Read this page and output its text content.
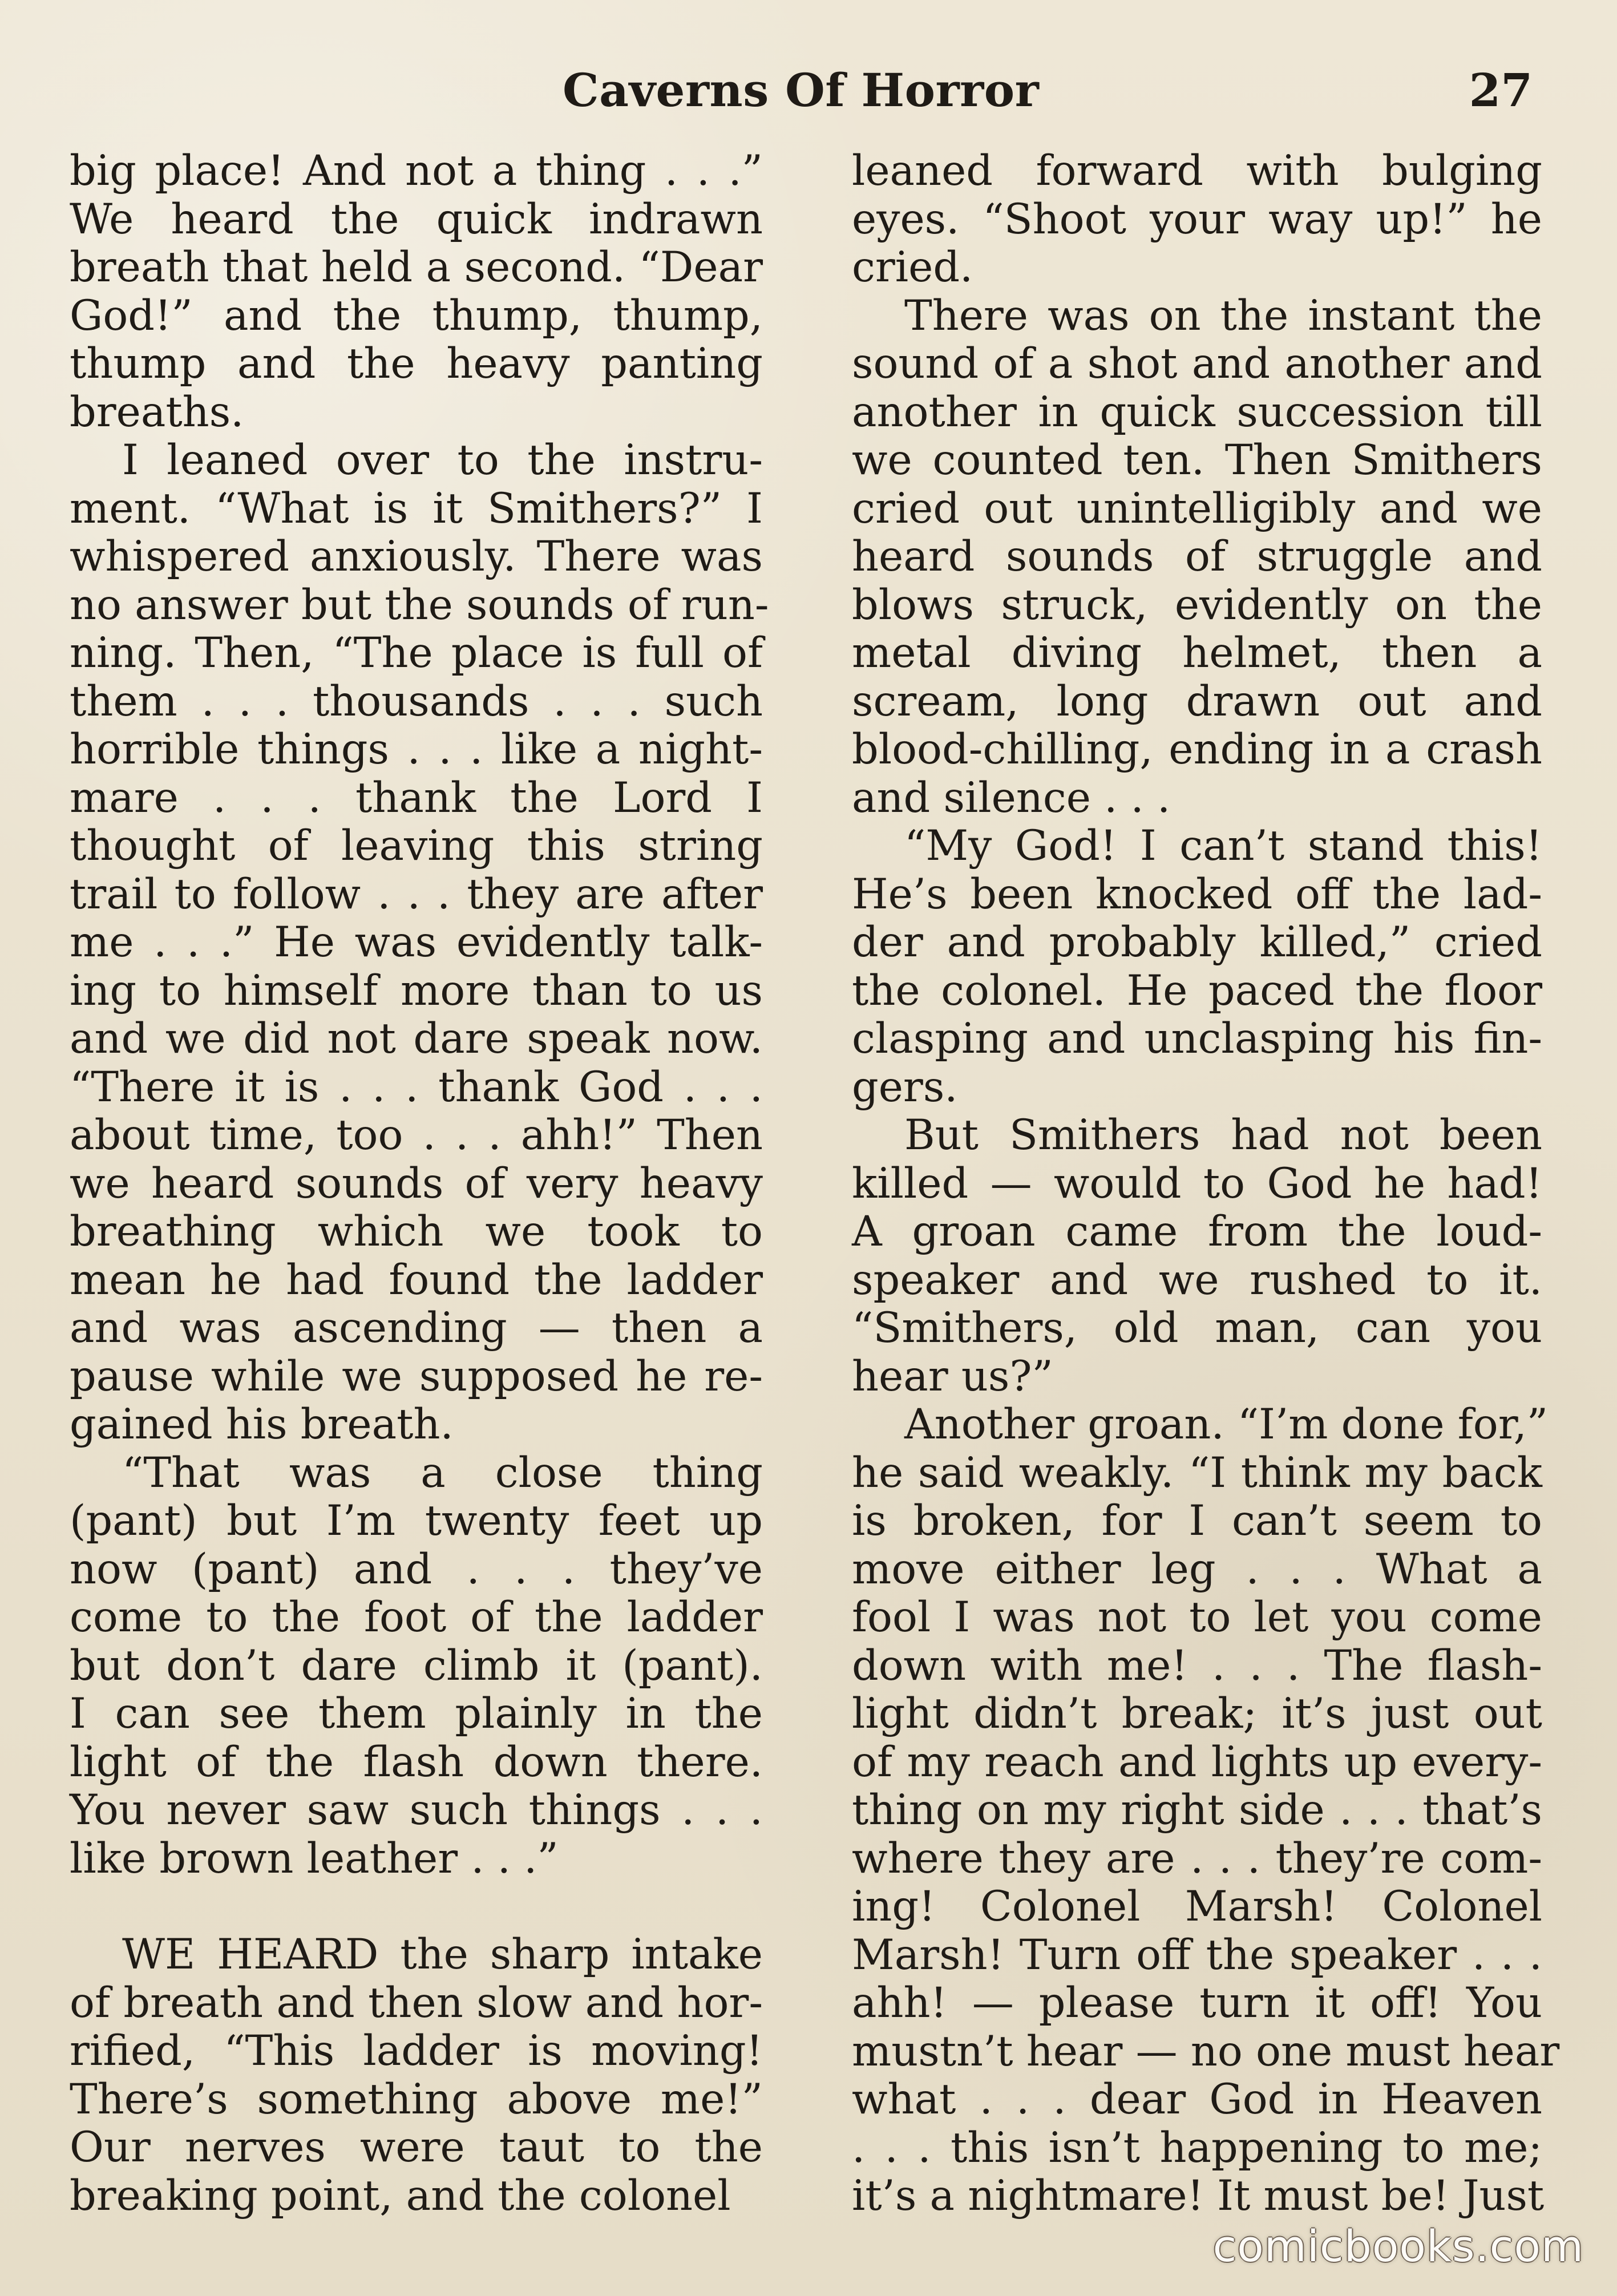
Caverns Of Horror	27

big place! And not a thing . . .”
We heard the quick indrawn
breath that held a second. “Dear
God!” and the thump, thump,
thump and the heavy panting
breaths.

I leaned over to the instru-
ment. “What is it Smithers?” I
whispered anxiously. There was
no answer but the sounds of run-
ning. Then, “The place is full of
them . . . thousands . . . such
horrible things . . . like a night-
mare . . . thank the Lord I
thought of leaving this string
trail to follow . . . they are after
me . . .” He was evidently talk-
ing to himself more than to us
and we did not dare speak now.
“There it is . . . thank God . . .
about time, too . . . ahh!” Then
we heard sounds of very heavy
breathing which we took to
mean he had found the ladder
and was ascending — then a
pause while we supposed he re-
gained his breath.

“That was a close thing
(pant) but I’m twenty feet up
now (pant) and . . . they’ve
come to the foot of the ladder
but don’t dare climb it (pant).
I can see them plainly in the
light of the flash down there.
You never saw such things . . .
like brown leather . . .”

WE HEARD the sharp intake
of breath and then slow and hor-
rified, “This ladder is moving!
There’s something above me!”
Our nerves were taut to the
breaking point, and the colonel

leaned forward with bulging
eyes. “Shoot your way up!” he
cried.

There was on the instant the
sound of a shot and another and
another in quick succession till
we counted ten. Then Smithers
cried out unintelligibly and we
heard sounds of struggle and
blows struck, evidently on the
metal diving helmet, then a
scream, long drawn out and
blood-chilling, ending in a crash
and silence . . .

“My God! I can’t stand this!
He’s been knocked off the lad-
der and probably killed,” cried
the colonel. He paced the floor
clasping and unclasping his fin-
gers.

But Smithers had not been
killed — would to God he had!
A groan came from the loud-
speaker and we rushed to it.
“Smithers, old man, can you
hear us?”

Another groan. “I’m done for,”
he said weakly. “I think my back
is broken, for I can’t seem to
move either leg . . . What a
fool I was not to let you come
down with me! . . . The flash-
light didn’t break; it’s just out
of my reach and lights up every-
thing on my right side . . . that’s
where they are . . . they’re com-
ing! Colonel Marsh! Colonel
Marsh! Turn off the speaker . . .
ahh! — please turn it off! You
mustn’t hear — no one must hear
what . . . dear God in Heaven
. . . this isn’t happening to me;
it’s a nightmare! It must be! Just

comicbooks.com
